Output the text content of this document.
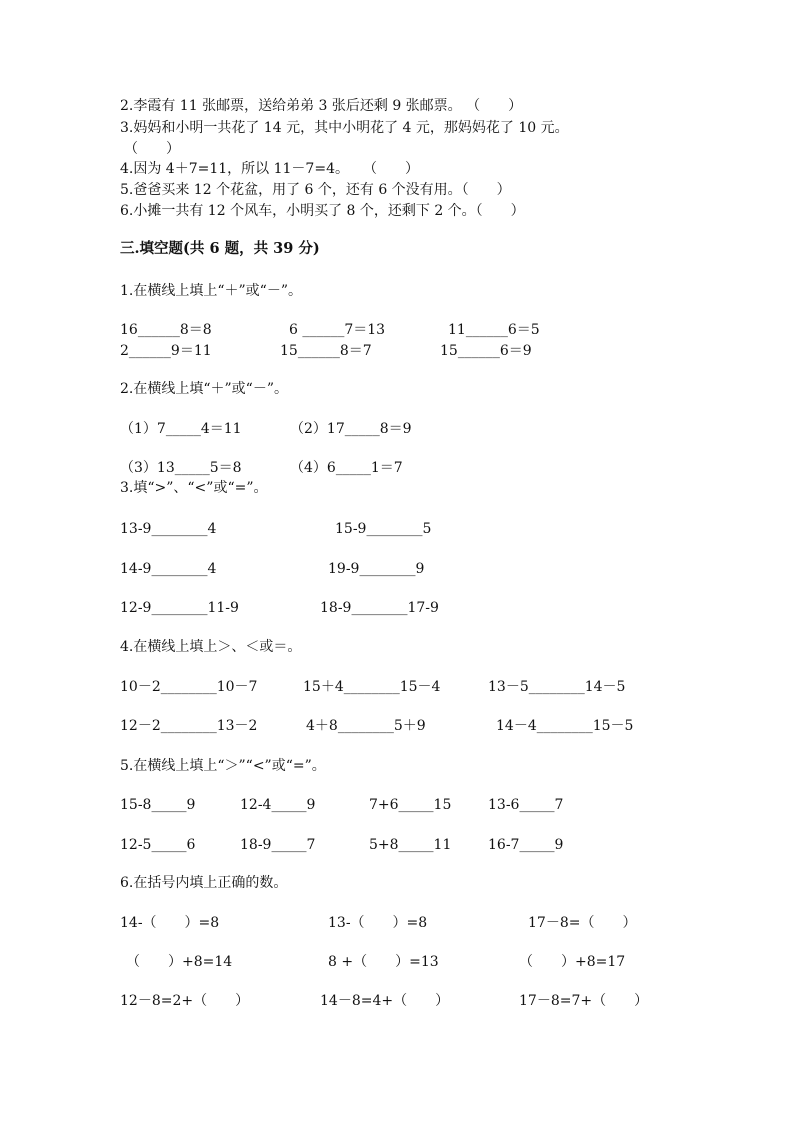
2.李霞有 11 张邮票，送给弟弟 3 张后还剩 9 张邮票。 （　　）
3.妈妈和小明一共花了 14 元，其中小明花了 4 元，那妈妈花了 10 元。
（　　）
4.因为 4＋7=11，所以 11－7=4。　　（　　）
5.爸爸买来 12 个花盆，用了 6 个，还有 6 个没有用。（　　）
6.小摊一共有 12 个风车，小明买了 8 个，还剩下 2 个。（　　）
三.填空题(共 6 题，共 39 分)
1.在横线上填上“＋”或“－”。
16______8＝8	6 ______7＝13	11______6＝5
2______9＝11	15______8＝7	15______6＝9
2.在横线上填“＋”或“－”。
（1）7_____4＝11	（2）17_____8＝9
（3）13_____5＝8	（4）6_____1＝7
3.填“>”、“<”或“=”。
13-9________4	15-9________5
14-9________4	19-9________9
12-9________11-9	18-9________17-9
4.在横线上填上＞、＜或＝。
10－2________10－7	15＋4________15－4	13－5________14－5
12－2________13－2	4＋8________5＋9	14－4________15－5
5.在横线上填上“＞”“<”或“=”。
15-8_____9	12-4_____9	7+6_____15	13-6_____7
12-5_____6	18-9_____7	5+8_____11	16-7_____9
6.在括号内填上正确的数。
14-（　　）=8	13-（　　）=8	17－8=（　　）
（　　）+8=14	8 +（　　）=13	（　　）+8=17
12－8=2+（　　）	14－8=4+（　　）	17－8=7+（　　）
